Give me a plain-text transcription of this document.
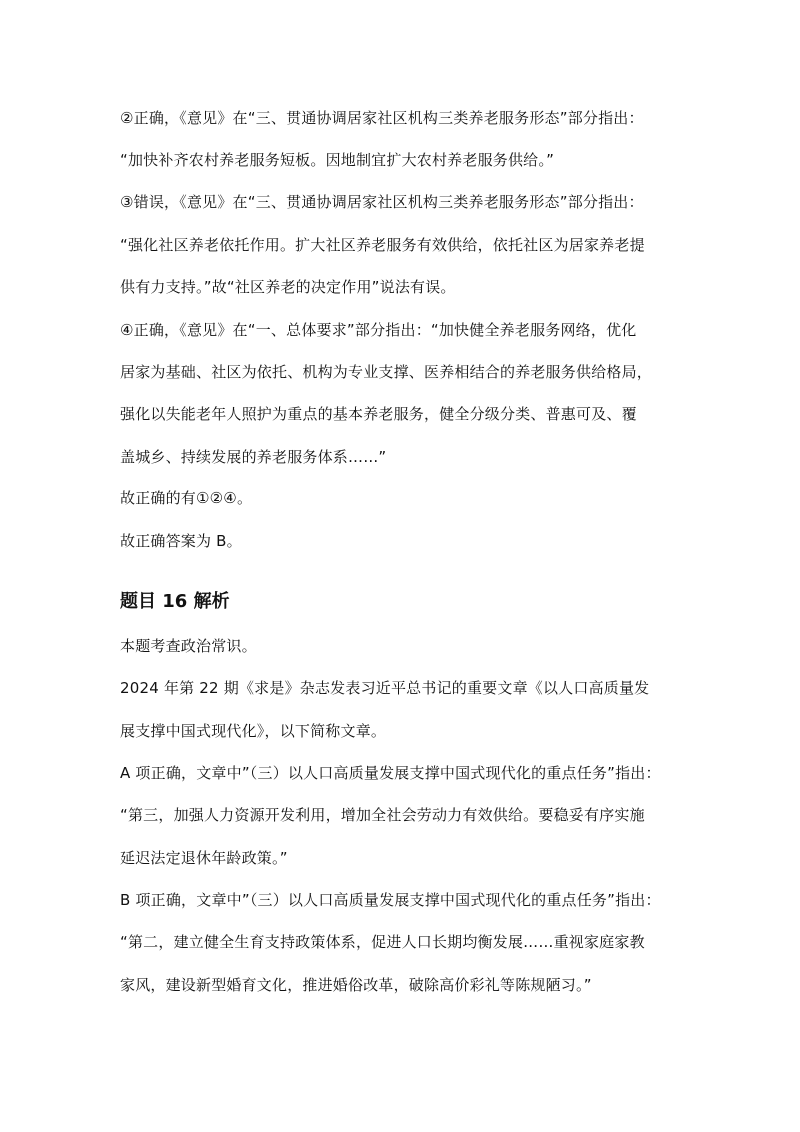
②正确，《意见》在“三、贯通协调居家社区机构三类养老服务形态”部分指出：
“加快补齐农村养老服务短板。因地制宜扩大农村养老服务供给。”
③错误，《意见》在“三、贯通协调居家社区机构三类养老服务形态”部分指出：
“强化社区养老依托作用。扩大社区养老服务有效供给，依托社区为居家养老提
供有力支持。”故“社区养老的决定作用”说法有误。
④正确，《意见》在“一、总体要求”部分指出：“加快健全养老服务网络，优化
居家为基础、社区为依托、机构为专业支撑、医养相结合的养老服务供给格局，
强化以失能老年人照护为重点的基本养老服务，健全分级分类、普惠可及、覆
盖城乡、持续发展的养老服务体系……”
故正确的有①②④。
故正确答案为 B。
题目 16 解析
本题考查政治常识。
2024 年第 22 期《求是》杂志发表习近平总书记的重要文章《以人口高质量发
展支撑中国式现代化》，以下简称文章。
A 项正确，文章中”（三）以人口高质量发展支撑中国式现代化的重点任务”指出：
“第三，加强人力资源开发利用，增加全社会劳动力有效供给。要稳妥有序实施
延迟法定退休年龄政策。”
B 项正确，文章中”（三）以人口高质量发展支撑中国式现代化的重点任务”指出：
“第二，建立健全生育支持政策体系，促进人口长期均衡发展……重视家庭家教
家风，建设新型婚育文化，推进婚俗改革，破除高价彩礼等陈规陋习。”
